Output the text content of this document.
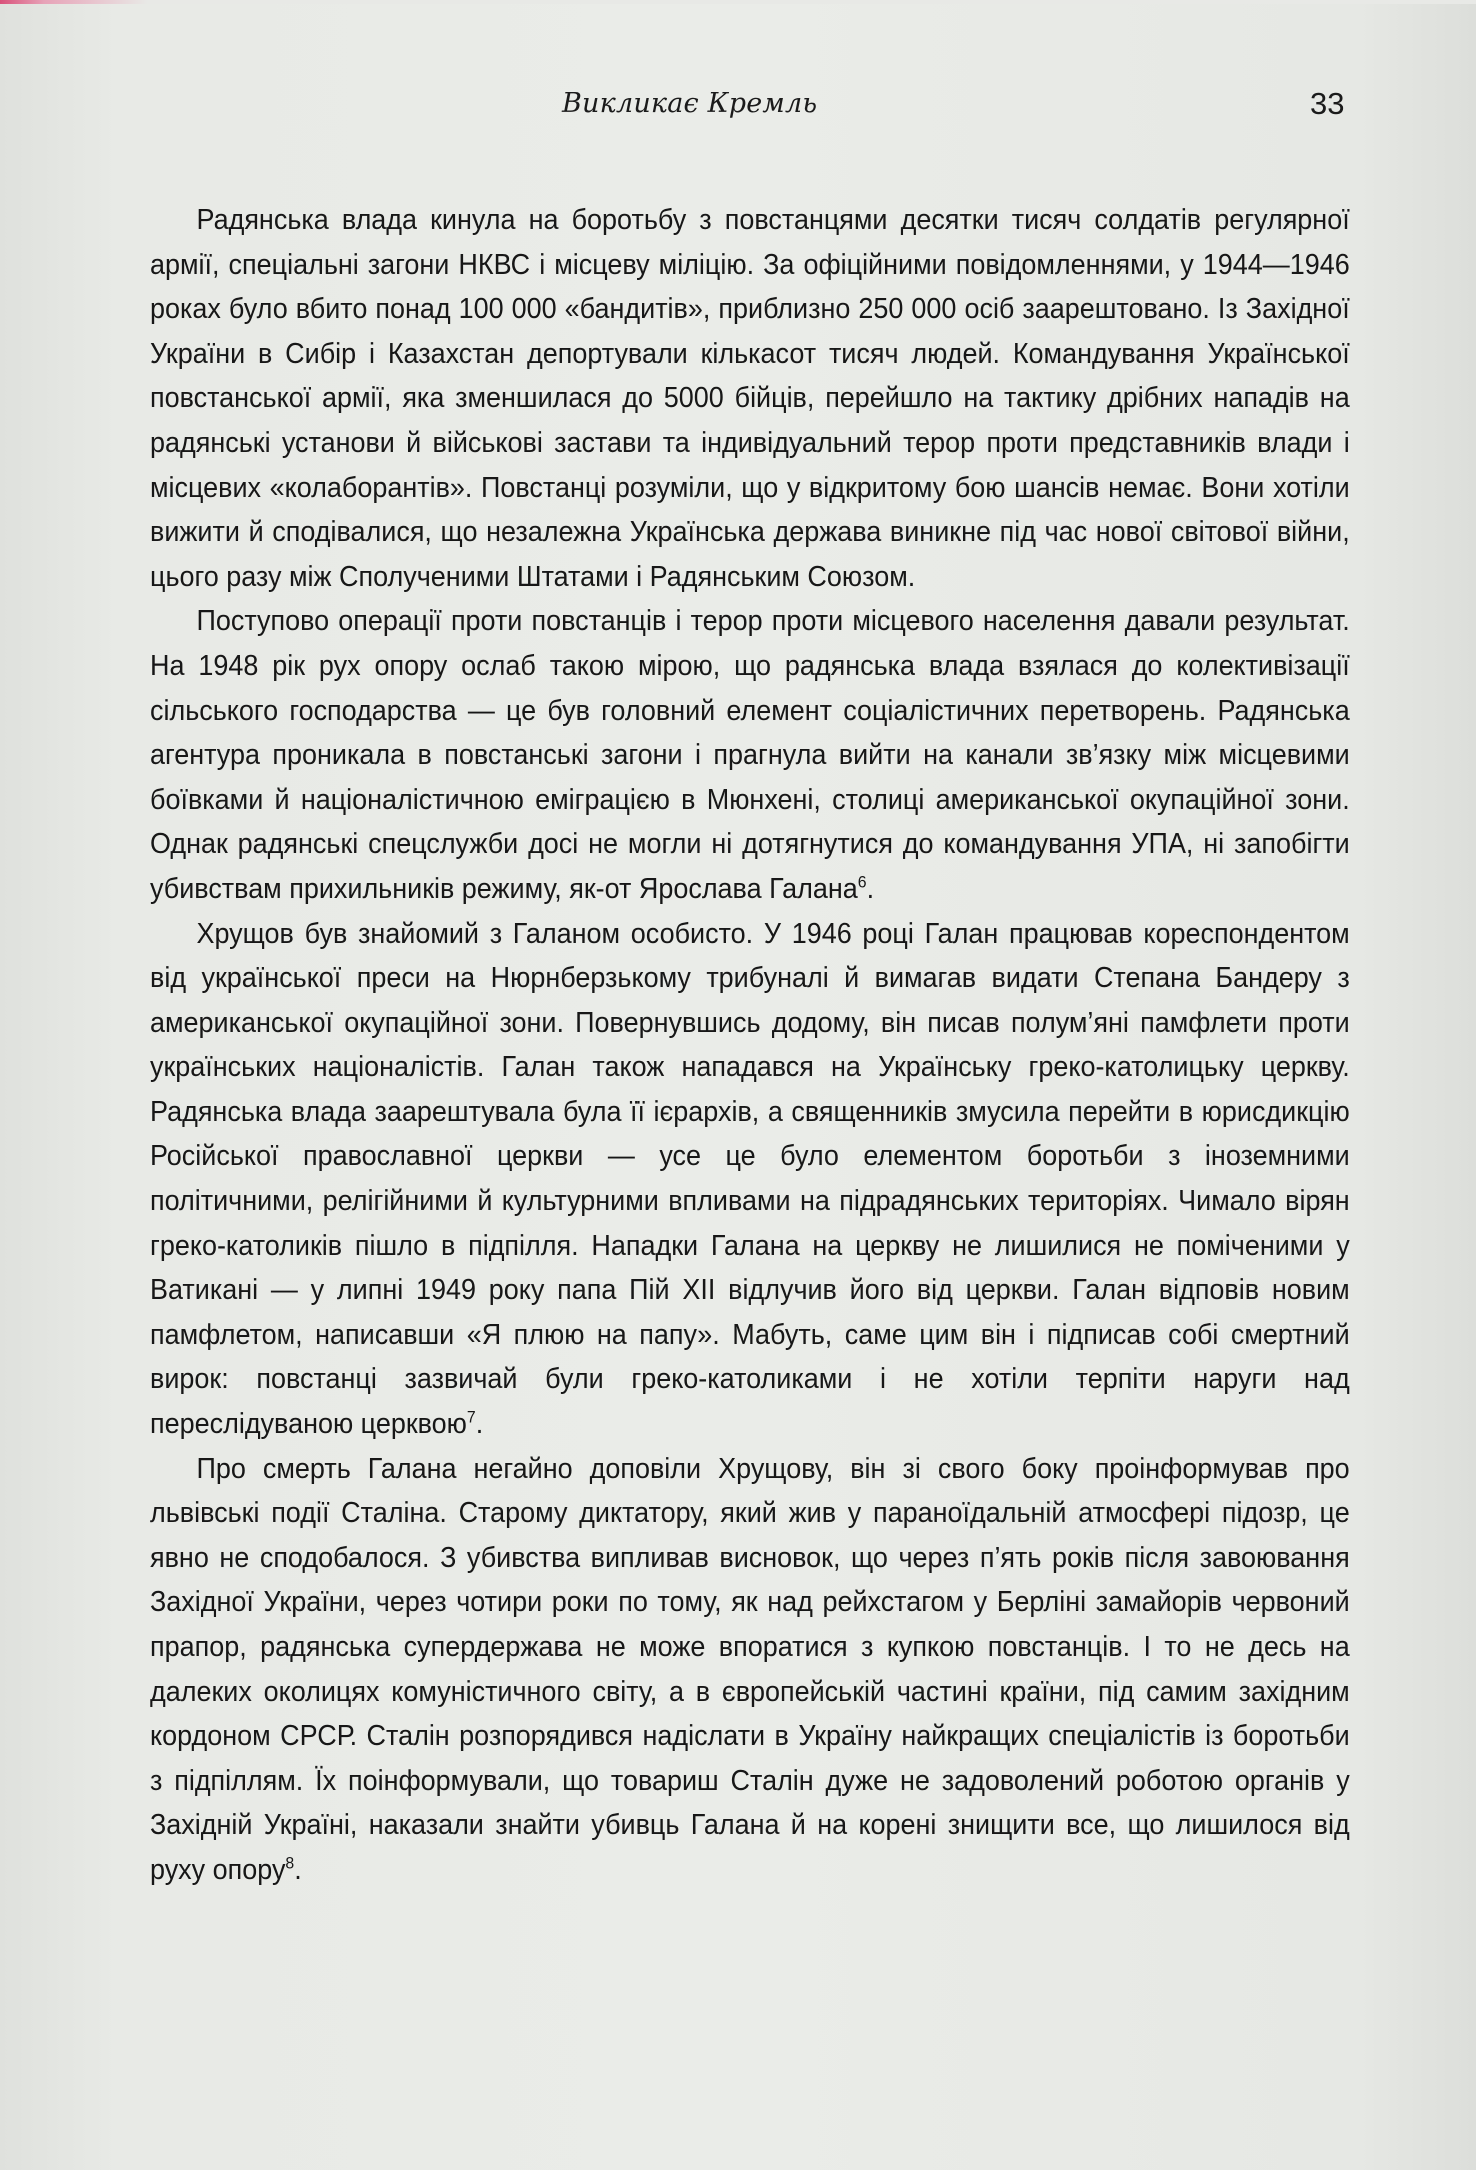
Викликає Кремль	33

Радянська влада кинула на боротьбу з повстанцями десятки тисяч солдатів регулярної армії, спеціальні загони НКВС і місцеву міліцію. За офіційними повідомленнями, у 1944—1946 роках було вбито понад 100 000 «бандитів», приблизно 250 000 осіб заарештовано. Із Західної України в Сибір і Казахстан депортували кількасот тисяч людей. Командування Української повстанської армії, яка зменшилася до 5000 бійців, перейшло на тактику дрібних нападів на радянські установи й військові застави та індивідуальний терор проти представників влади і місцевих «колаборантів». Повстанці розуміли, що у відкритому бою шансів немає. Вони хотіли вижити й сподівалися, що незалежна Українська держава виникне під час нової світової війни, цього разу між Сполученими Штатами і Радянським Союзом.

Поступово операції проти повстанців і терор проти місцевого населення давали результат. На 1948 рік рух опору ослаб такою мірою, що радянська влада взялася до колективізації сільського господарства — це був головний елемент соціалістичних перетворень. Радянська агентура проникала в повстанські загони і прагнула вийти на канали зв’язку між місцевими боївками й націоналістичною еміграцією в Мюнхені, столиці американської окупаційної зони. Однак радянські спецслужби досі не могли ні дотягнутися до командування УПА, ні запобігти убивствам прихильників режиму, як-от Ярослава Галана$^6$.

Хрущов був знайомий з Галаном особисто. У 1946 році Галан працював кореспондентом від української преси на Нюрнберзькому трибуналі й вимагав видати Степана Бандеру з американської окупаційної зони. Повернувшись додому, він писав полум’яні памфлети проти українських націоналістів. Галан також нападався на Українську греко-католицьку церкву. Радянська влада заарештувала була її ієрархів, а священників змусила перейти в юрисдикцію Російської православної церкви — усе це було елементом боротьби з іноземними політичними, релігійними й культурними впливами на підрадянських територіях. Чимало вірян греко-католиків пішло в підпілля. Нападки Галана на церкву не лишилися не поміченими у Ватикані — у липні 1949 року папа Пій XII відлучив його від церкви. Галан відповів новим памфлетом, написавши «Я плюю на папу». Мабуть, саме цим він і підписав собі смертний вирок: повстанці зазвичай були греко-католиками і не хотіли терпіти наруги над переслідуваною церквою$^7$.

Про смерть Галана негайно доповіли Хрущову, він зі свого боку проінформував про львівські події Сталіна. Старому диктатору, який жив у параноїдальній атмосфері підозр, це явно не сподобалося. З убивства випливав висновок, що через п’ять років після завоювання Західної України, через чотири роки по тому, як над рейхстагом у Берліні замайорів червоний прапор, радянська супердержава не може впоратися з купкою повстанців. І то не десь на далеких околицях комуністичного світу, а в європейській частині країни, під самим західним кордоном СРСР. Сталін розпорядився надіслати в Україну найкращих спеціалістів із боротьби з підпіллям. Їх поінформували, що товариш Сталін дуже не задоволений роботою органів у Західній Україні, наказали знайти убивць Галана й на корені знищити все, що лишилося від руху опору$^8$.
